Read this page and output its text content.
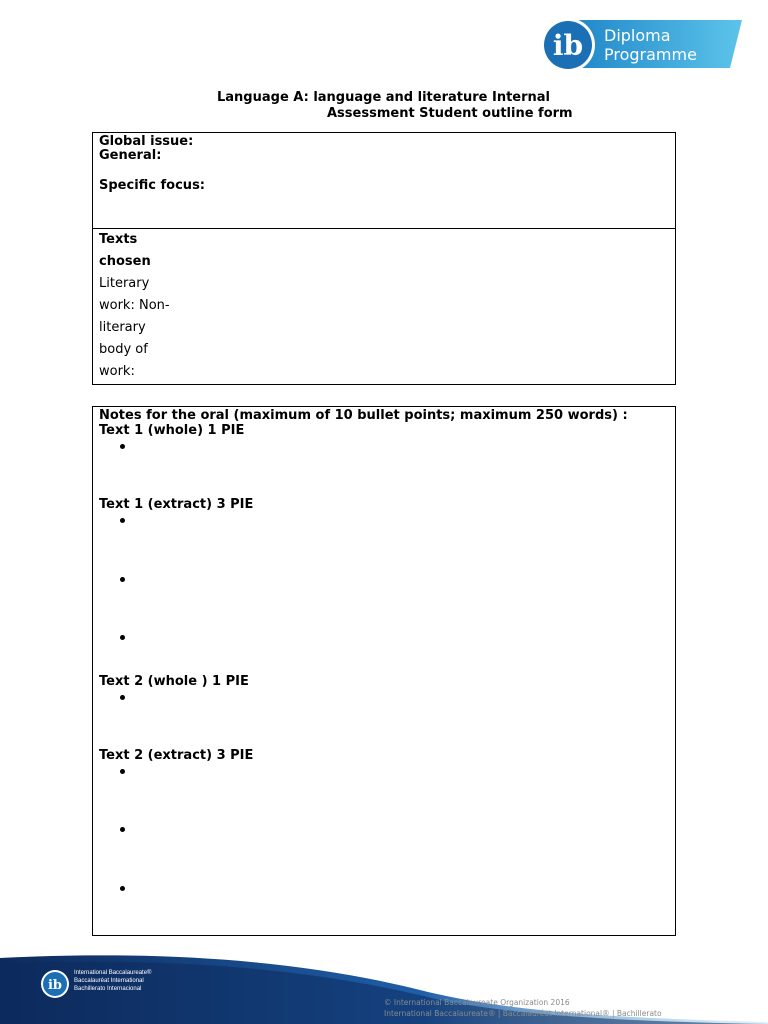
ib Diploma
Programme
Language A: language and literature Internal
Assessment Student outline form
Global issue:
General:
Specific focus:
Texts
chosen
Literary
work: Non-
literary
body of
work:
Notes for the oral (maximum of 10 bullet points; maximum 250 words) :
Text 1 (whole) 1 PIE
Text 1 (extract) 3 PIE
Text 2 (whole ) 1 PIE
Text 2 (extract) 3 PIE
ib
International Baccalaureate®
Baccalauréat International
Bachillerato Internacional
© International Baccalaureate Organization 2016
International Baccalaureate® | Baccalauréat International® | Bachillerato
